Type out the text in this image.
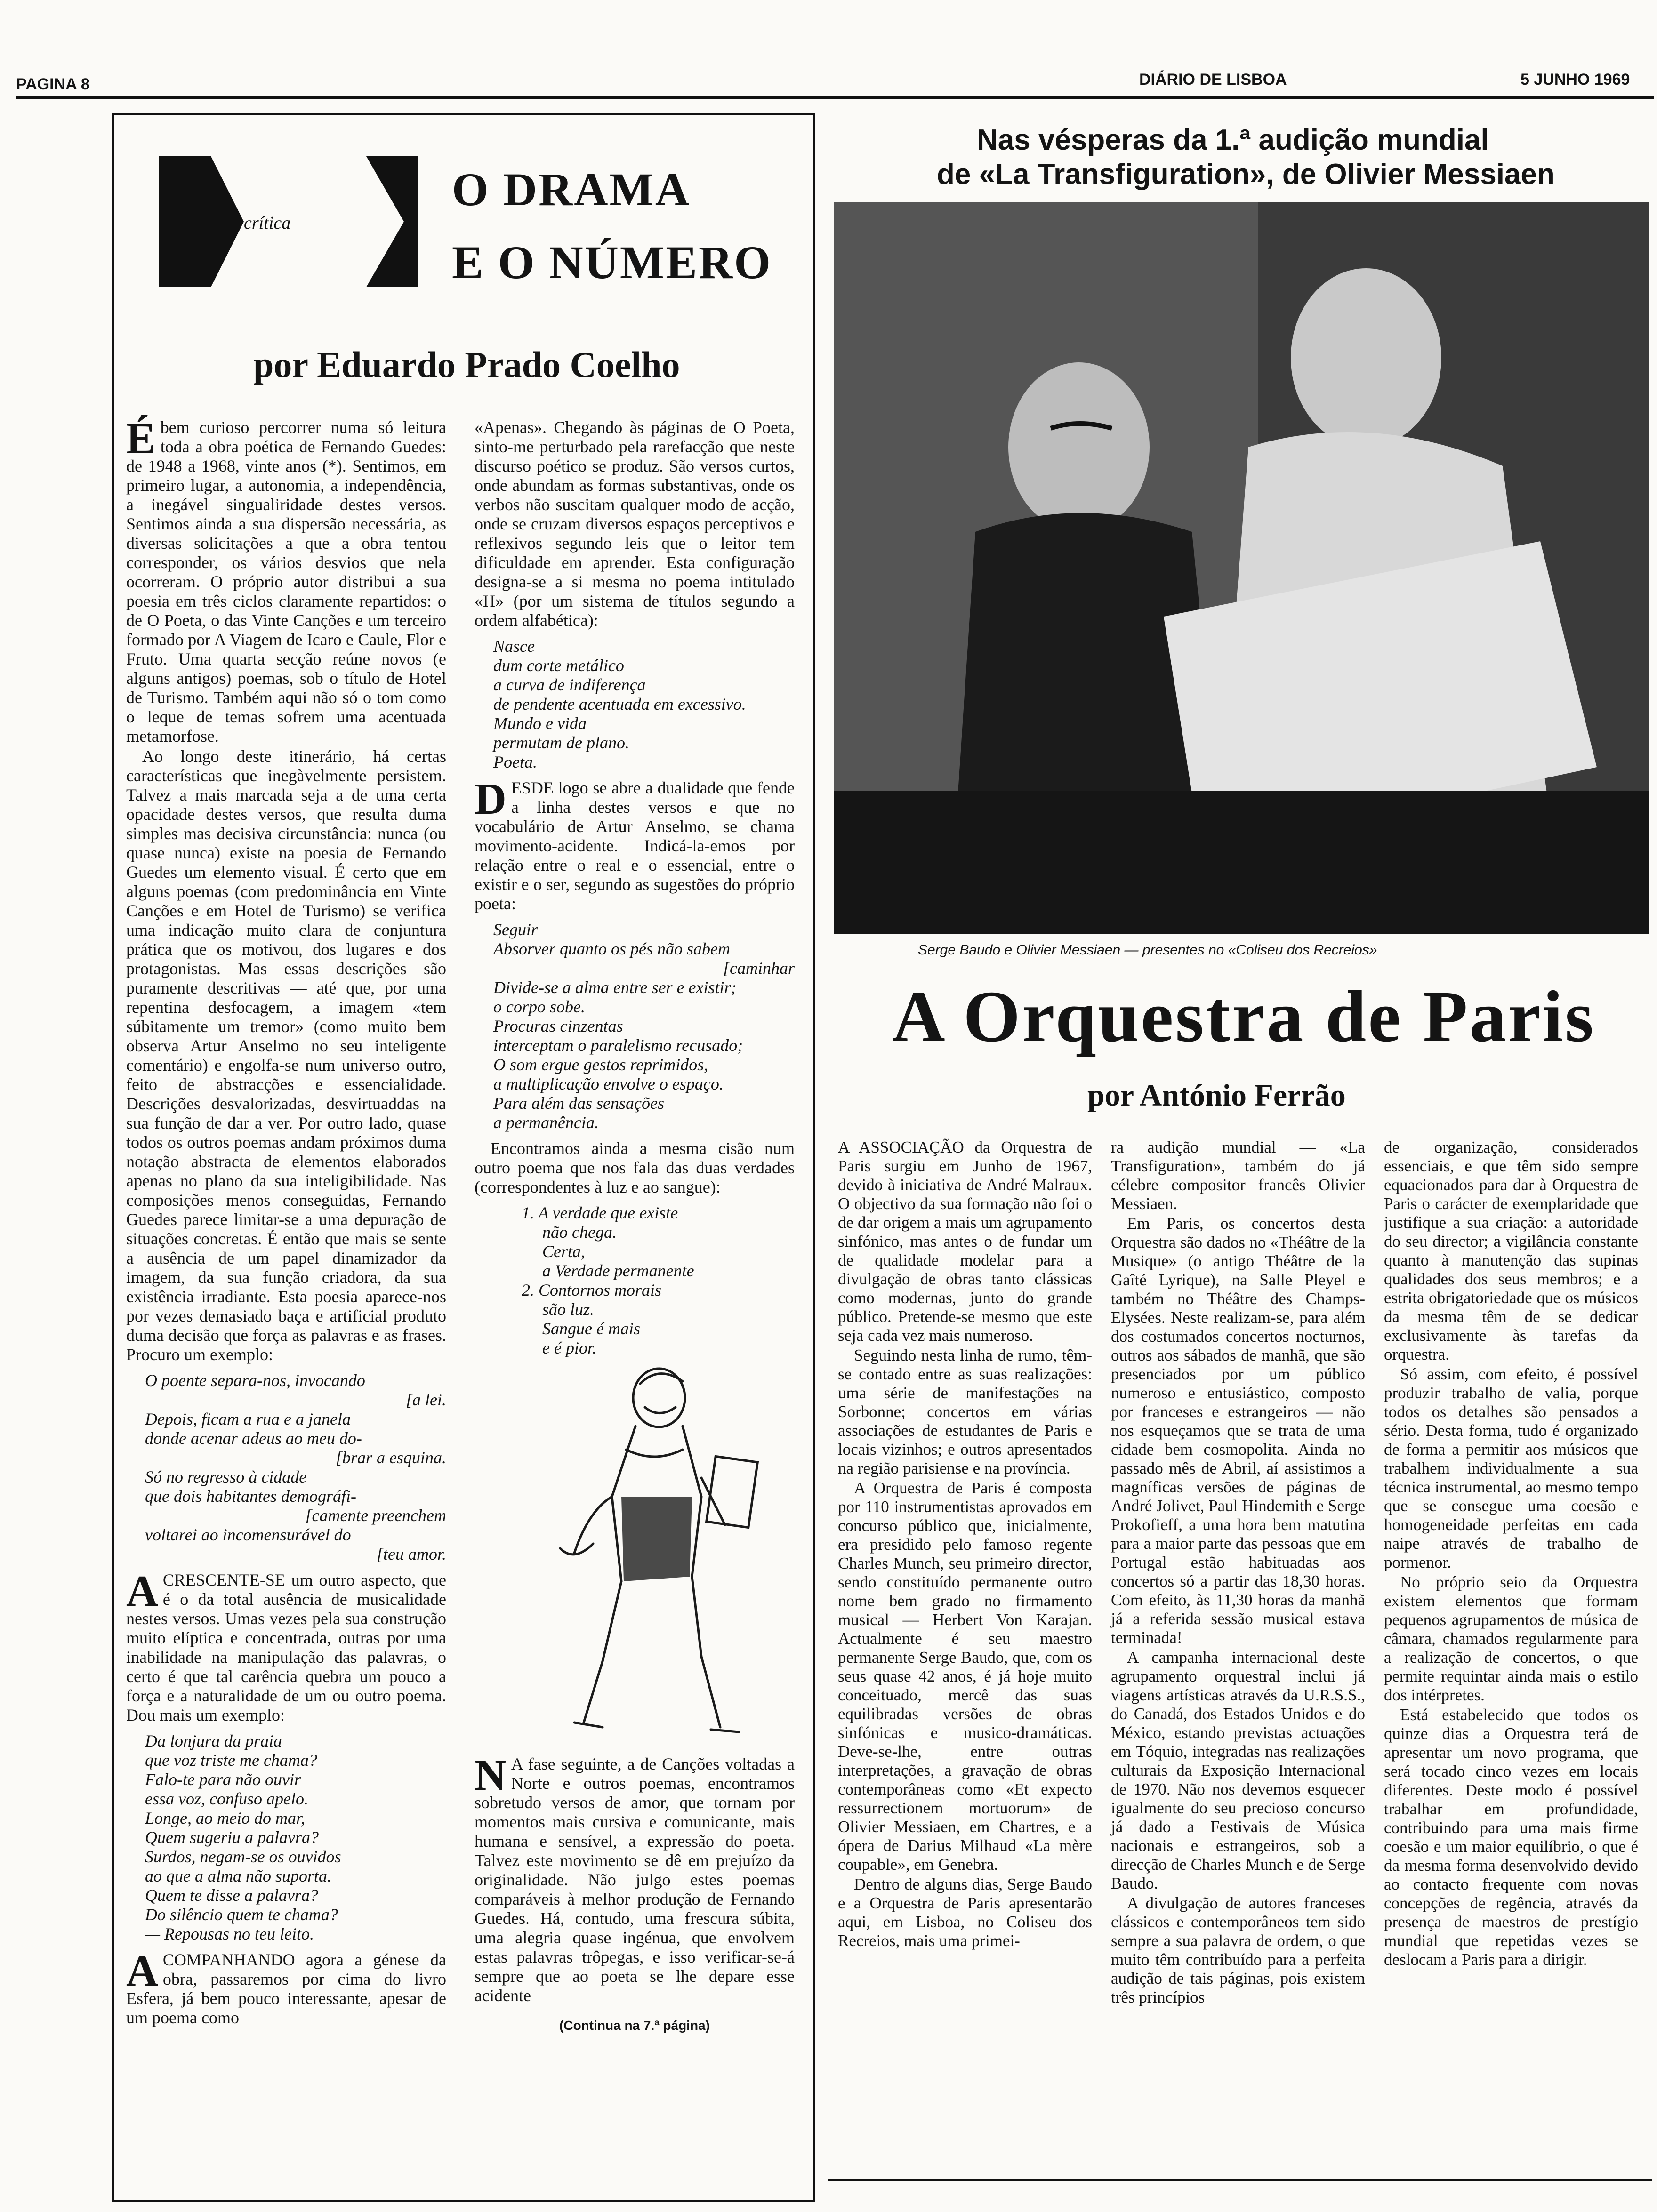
PAGINA 8	DIÁRIO DE LISBOA	5 JUNHO 1969
crítica
O DRAMA
E O NÚMERO
por Eduardo Prado Coelho

Ébem curioso percorrer numa só leitura toda a obra poética de Fernando Guedes: de 1948 a 1968, vinte anos (*). Sentimos, em primeiro lugar, a autonomia, a independência, a inegável singualiridade destes versos. Sentimos ainda a sua dispersão necessária, as diversas solicitações a que a obra tentou corresponder, os vários desvios que nela ocorreram. O próprio autor distribui a sua poesia em três ciclos claramente repartidos: o de O Poeta, o das Vinte Canções e um terceiro formado por A Viagem de Icaro e Caule, Flor e Fruto. Uma quarta secção reúne novos (e alguns antigos) poemas, sob o título de Hotel de Turismo. Também aqui não só o tom como o leque de temas sofrem uma acentuada metamorfose.

Ao longo deste itinerário, há certas características que inegàvelmente persistem. Talvez a mais marcada seja a de uma certa opacidade destes versos, que resulta duma simples mas decisiva circunstância: nunca (ou quase nunca) existe na poesia de Fernando Guedes um elemento visual. É certo que em alguns poemas (com predominância em Vinte Canções e em Hotel de Turismo) se verifica uma indicação muito clara de conjuntura prática que os motivou, dos lugares e dos protagonistas. Mas essas descrições são puramente descritivas — até que, por uma repentina desfocagem, a imagem «tem súbitamente um tremor» (como muito bem observa Artur Anselmo no seu inteligente comentário) e engolfa-se num universo outro, feito de abstracções e essencialidade. Descrições desvalorizadas, desvirtuaddas na sua função de dar a ver. Por outro lado, quase todos os outros poemas andam próximos duma notação abstracta de elementos elaborados apenas no plano da sua inteligibilidade. Nas composições menos conseguidas, Fernando Guedes parece limitar-se a uma depuração de situações concretas. É então que mais se sente a ausência de um papel dinamizador da imagem, da sua função criadora, da sua existência irradiante. Esta poesia aparece-nos por vezes demasiado baça e artificial produto duma decisão que força as palavras e as frases. Procuro um exemplo:

O poente separa-nos, invocando
[a lei.
Depois, ficam a rua e a janela
donde acenar adeus ao meu do-
[brar a esquina.
Só no regresso à cidade
que dois habitantes demográfi-
[camente preenchem
voltarei ao incomensurável do
[teu amor.

ACRESCENTE-SE um outro aspecto, que é o da total ausência de musicalidade nestes versos. Umas vezes pela sua construção muito elíptica e concentrada, outras por uma inabilidade na manipulação das palavras, o certo é que tal carência quebra um pouco a força e a naturalidade de um ou outro poema. Dou mais um exemplo:

Da lonjura da praia
que voz triste me chama?
Falo-te para não ouvir
essa voz, confuso apelo.
Longe, ao meio do mar,
Quem sugeriu a palavra?
Surdos, negam-se os ouvidos
ao que a alma não suporta.
Quem te disse a palavra?
Do silêncio quem te chama?
— Repousas no teu leito.

ACOMPANHANDO agora a génese da obra, passaremos por cima do livro Esfera, já bem pouco interessante, apesar de um poema como

«Apenas». Chegando às páginas de O Poeta, sinto-me perturbado pela rarefacção que neste discurso poético se produz. São versos curtos, onde abundam as formas substantivas, onde os verbos não suscitam qualquer modo de acção, onde se cruzam diversos espaços perceptivos e reflexivos segundo leis que o leitor tem dificuldade em aprender. Esta configuração designa-se a si mesma no poema intitulado «H» (por um sistema de títulos segundo a ordem alfabética):

Nasce
dum corte metálico
a curva de indiferença
de pendente acentuada em excessivo.
Mundo e vida
permutam de plano.
Poeta.

DESDE logo se abre a dualidade que fende a linha destes versos e que no vocabulário de Artur Anselmo, se chama movimento-acidente. Indicá-la-emos por relação entre o real e o essencial, entre o existir e o ser, segundo as sugestões do próprio poeta:

Seguir
Absorver quanto os pés não sabem
[caminhar
Divide-se a alma entre ser e existir;
o corpo sobe.
Procuras cinzentas
interceptam o paralelismo recusado;
O som ergue gestos reprimidos,
a multiplicação envolve o espaço.
Para além das sensações
a permanência.

Encontramos ainda a mesma cisão num outro poema que nos fala das duas verdades (correspondentes à luz e ao sangue):

1. A verdade que existe
não chega.
Certa,
a Verdade permanente
2. Contornos morais
são luz.
Sangue é mais
e é pior.

N A fase seguinte, a de Canções voltadas a Norte e outros poemas, encontramos sobretudo versos de amor, que tornam por momentos mais cursiva e comunicante, mais humana e sensível, a expressão do poeta. Talvez este movimento se dê em prejuízo da originalidade. Não julgo estes poemas comparáveis à melhor produção de Fernando Guedes. Há, contudo, uma frescura súbita, uma alegria quase ingénua, que envolvem estas palavras trôpegas, e isso verificar-se-á sempre que ao poeta se lhe depare esse acidente

(Continua na 7.ª página)
Nas vésperas da 1.ª audição mundial
de «La Transfiguration», de Olivier Messiaen
Serge Baudo e Olivier Messiaen — presentes no «Coliseu dos Recreios»
A Orquestra de Paris
por António Ferrão

A ASSOCIAÇÃO da Orquestra de Paris surgiu em Junho de 1967, devido à iniciativa de André Malraux. O objectivo da sua formação não foi o de dar origem a mais um agrupamento sinfónico, mas antes o de fundar um de qualidade modelar para a divulgação de obras tanto clássicas como modernas, junto do grande público. Pretende-se mesmo que este seja cada vez mais numeroso.

Seguindo nesta linha de rumo, têm-se contado entre as suas realizações: uma série de manifestações na Sorbonne; concertos em várias associações de estudantes de Paris e locais vizinhos; e outros apresentados na região parisiense e na província.

A Orquestra de Paris é composta por 110 instrumentistas aprovados em concurso público que, inicialmente, era presidido pelo famoso regente Charles Munch, seu primeiro director, sendo constituído permanente outro nome bem grado no firmamento musical — Herbert Von Karajan. Actualmente é seu maestro permanente Serge Baudo, que, com os seus quase 42 anos, é já hoje muito conceituado, mercê das suas equilibradas versões de obras sinfónicas e musico-dramáticas. Deve-se-lhe, entre outras interpretações, a gravação de obras contemporâneas como «Et expecto ressurrectionem mortuorum» de Olivier Messiaen, em Chartres, e a ópera de Darius Milhaud «La mère coupable», em Genebra.

Dentro de alguns dias, Serge Baudo e a Orquestra de Paris apresentarão aqui, em Lisboa, no Coliseu dos Recreios, mais uma primei-

ra audição mundial — «La Transfiguration», também do já célebre compositor francês Olivier Messiaen.

Em Paris, os concertos desta Orquestra são dados no «Théâtre de la Musique» (o antigo Théâtre de la Gaîté Lyrique), na Salle Pleyel e também no Théâtre des Champs-Elysées. Neste realizam-se, para além dos costumados concertos nocturnos, outros aos sábados de manhã, que são presenciados por um público numeroso e entusiástico, composto por franceses e estrangeiros — não nos esqueçamos que se trata de uma cidade bem cosmopolita. Ainda no passado mês de Abril, aí assistimos a magníficas versões de páginas de André Jolivet, Paul Hindemith e Serge Prokofieff, a uma hora bem matutina para a maior parte das pessoas que em Portugal estão habituadas aos concertos só a partir das 18,30 horas. Com efeito, às 11,30 horas da manhã já a referida sessão musical estava terminada!

A campanha internacional deste agrupamento orquestral inclui já viagens artísticas através da U.R.S.S., do Canadá, dos Estados Unidos e do México, estando previstas actuações em Tóquio, integradas nas realizações culturais da Exposição Internacional de 1970. Não nos devemos esquecer igualmente do seu precioso concurso já dado a Festivais de Música nacionais e estrangeiros, sob a direcção de Charles Munch e de Serge Baudo.

A divulgação de autores franceses clássicos e contemporâneos tem sido sempre a sua palavra de ordem, o que muito têm contribuído para a perfeita audição de tais páginas, pois existem três princípios

de organização, considerados essenciais, e que têm sido sempre equacionados para dar à Orquestra de Paris o carácter de exemplaridade que justifique a sua criação: a autoridade do seu director; a vigilância constante quanto à manutenção das supinas qualidades dos seus membros; e a estrita obrigatoriedade que os músicos da mesma têm de se dedicar exclusivamente às tarefas da orquestra.

Só assim, com efeito, é possível produzir trabalho de valia, porque todos os detalhes são pensados a sério. Desta forma, tudo é organizado de forma a permitir aos músicos que trabalhem individualmente a sua técnica instrumental, ao mesmo tempo que se consegue uma coesão e homogeneidade perfeitas em cada naipe através de trabalho de pormenor.

No próprio seio da Orquestra existem elementos que formam pequenos agrupamentos de música de câmara, chamados regularmente para a realização de concertos, o que permite requintar ainda mais o estilo dos intérpretes.

Está estabelecido que todos os quinze dias a Orquestra terá de apresentar um novo programa, que será tocado cinco vezes em locais diferentes. Deste modo é possível trabalhar em profundidade, contribuindo para uma mais firme coesão e um maior equilíbrio, o que é da mesma forma desenvolvido devido ao contacto frequente com novas concepções de regência, através da presença de maestros de prestígio mundial que repetidas vezes se deslocam a Paris para a dirigir.
